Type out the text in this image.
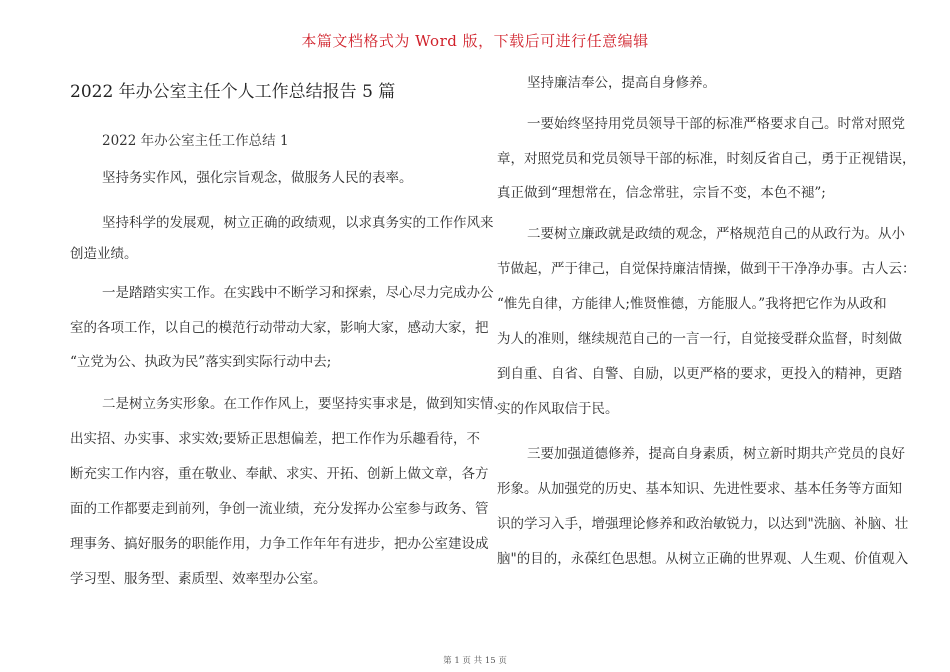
本篇文档格式为 Word 版，下载后可进行任意编辑
2022 年办公室主任个人工作总结报告 5 篇
2022 年办公室主任工作总结 1
坚持务实作风，强化宗旨观念，做服务人民的表率。
坚持科学的发展观，树立正确的政绩观，以求真务实的工作作风来
创造业绩。
一是踏踏实实工作。在实践中不断学习和探索，尽心尽力完成办公
室的各项工作，以自己的模范行动带动大家，影响大家，感动大家，把
“立党为公、执政为民”落实到实际行动中去;
二是树立务实形象。在工作作风上，要坚持实事求是，做到知实情、
出实招、办实事、求实效;要矫正思想偏差，把工作作为乐趣看待，不
断充实工作内容，重在敬业、奉献、求实、开拓、创新上做文章，各方
面的工作都要走到前列，争创一流业绩，充分发挥办公室参与政务、管
理事务、搞好服务的职能作用，力争工作年年有进步，把办公室建设成
学习型、服务型、素质型、效率型办公室。
坚持廉洁奉公，提高自身修养。
一要始终坚持用党员领导干部的标准严格要求自己。时常对照党
章，对照党员和党员领导干部的标准，时刻反省自己，勇于正视错误，
真正做到“理想常在，信念常驻，宗旨不变，本色不褪”;
二要树立廉政就是政绩的观念，严格规范自己的从政行为。从小
节做起，严于律己，自觉保持廉洁情操，做到干干净净办事。古人云：
“惟先自律，方能律人;惟贤惟德，方能服人。”我将把它作为从政和
为人的准则，继续规范自己的一言一行，自觉接受群众监督，时刻做
到自重、自省、自警、自励，以更严格的要求，更投入的精神，更踏
实的作风取信于民。
三要加强道德修养，提高自身素质，树立新时期共产党员的良好
形象。从加强党的历史、基本知识、先进性要求、基本任务等方面知
识的学习入手，增强理论修养和政治敏锐力，以达到"洗脑、补脑、壮
脑"的目的，永葆红色思想。从树立正确的世界观、人生观、价值观入
第 1 页 共 15 页
